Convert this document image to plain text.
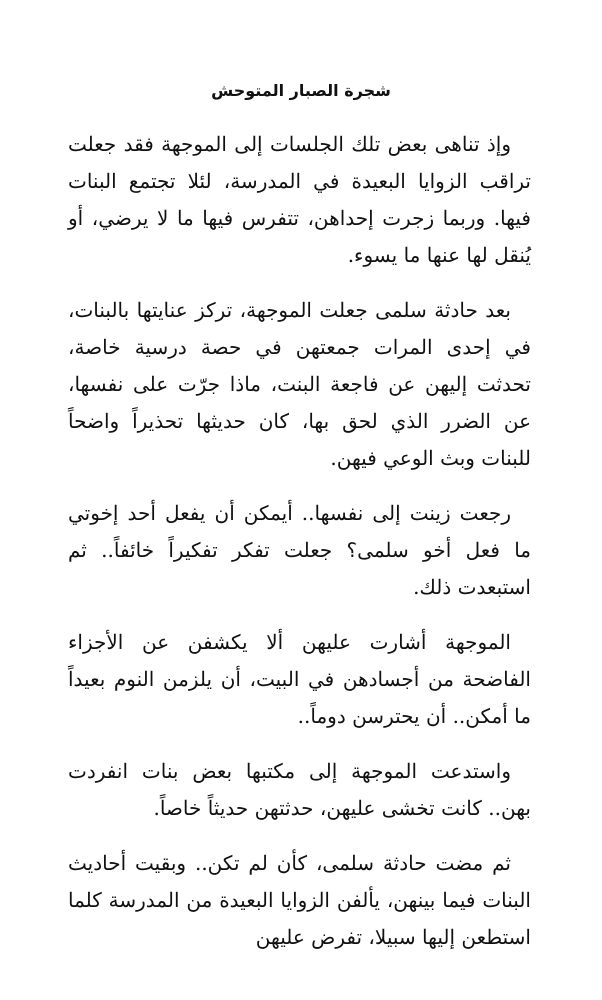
شجرة الصبار المتوحش

وإذ تناهى بعض تلك الجلسات إلى الموجهة فقد جعلت تراقب الزوايا البعيدة في المدرسة، لئلا تجتمع البنات فيها. وربما زجرت إحداهن، تتفرس فيها ما لا يرضي، أو يُنقل لها عنها ما يسوء.

بعد حادثة سلمى جعلت الموجهة، تركز عنايتها بالبنات، في إحدى المرات جمعتهن في حصة درسية خاصة، تحدثت إليهن عن فاجعة البنت، ماذا جرّت على نفسها، عن الضرر الذي لحق بها، كان حديثها تحذيراً واضحاً للبنات وبث الوعي فيهن.

رجعت زينت إلى نفسها.. أيمكن أن يفعل أحد إخوتي ما فعل أخو سلمى؟ جعلت تفكر تفكيراً خائفاً.. ثم استبعدت ذلك.

الموجهة أشارت عليهن ألا يكشفن عن الأجزاء الفاضحة من أجسادهن في البيت، أن يلزمن النوم بعيداً ما أمكن.. أن يحترسن دوماً..

واستدعت الموجهة إلى مكتبها بعض بنات انفردت بهن.. كانت تخشى عليهن، حدثتهن حديثاً خاصاً.

ثم مضت حادثة سلمى، كأن لم تكن.. وبقيت أحاديث البنات فيما بينهن، يألفن الزوايا البعيدة من المدرسة كلما استطعن إليها سبيلا، تفرض عليهن
